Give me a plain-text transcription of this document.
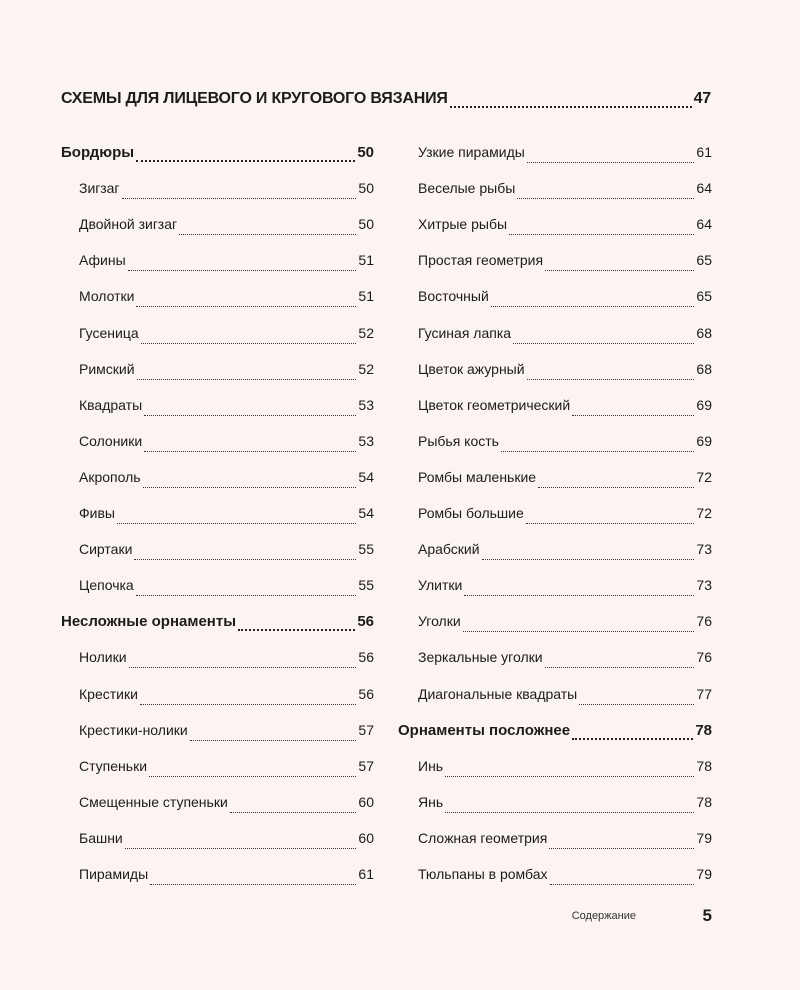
СХЕМЫ ДЛЯ ЛИЦЕВОГО И КРУГОВОГО ВЯЗАНИЯ	47
Бордюры	50
Зигзаг	50
Двойной зигзаг	50
Афины	51
Молотки	51
Гусеница	52
Римский	52
Квадраты	53
Солоники	53
Акрополь	54
Фивы	54
Сиртаки	55
Цепочка	55
Несложные орнаменты	56
Нолики	56
Крестики	56
Крестики-нолики	57
Ступеньки	57
Смещенные ступеньки	60
Башни	60
Пирамиды	61
Узкие пирамиды	61
Веселые рыбы	64
Хитрые рыбы	64
Простая геометрия	65
Восточный	65
Гусиная лапка	68
Цветок ажурный	68
Цветок геометрический	69
Рыбья кость	69
Ромбы маленькие	72
Ромбы большие	72
Арабский	73
Улитки	73
Уголки	76
Зеркальные уголки	76
Диагональные квадраты	77
Орнаменты посложнее	78
Инь	78
Янь	78
Сложная геометрия	79
Тюльпаны в ромбах	79
Содержание	5
